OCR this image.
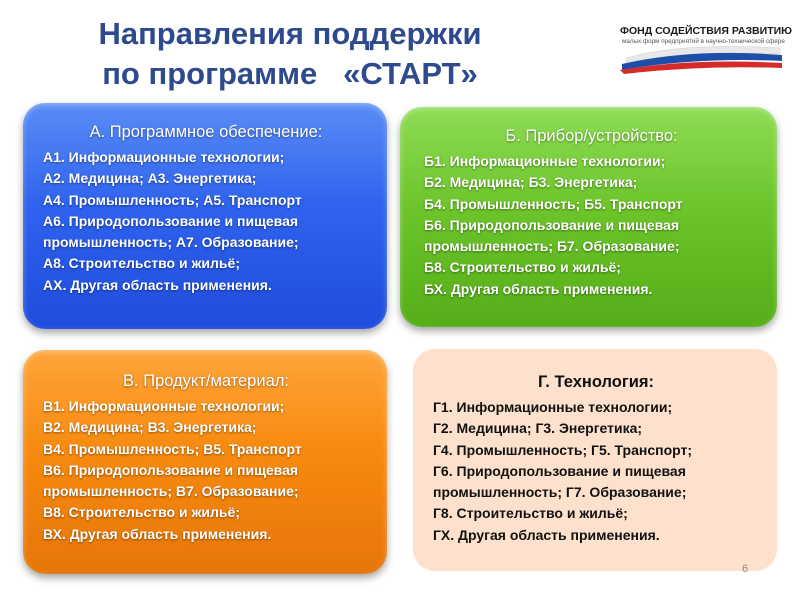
Направления поддержки
по программе   «СТАРТ»
ФОНД СОДЕЙСТВИЯ РАЗВИТИЮ
малых форм предприятий в научно-технической сфере
А. Программное обеспечение:
А1. Информационные технологии;
А2. Медицина; А3. Энергетика;
А4. Промышленность; А5. Транспорт
А6. Природопользование и пищевая
промышленность; А7. Образование;
А8. Строительство и жильё;
АХ. Другая область применения.
Б. Прибор/устройство:
Б1. Информационные технологии;
Б2. Медицина; Б3. Энергетика;
Б4. Промышленность; Б5. Транспорт
Б6. Природопользование и пищевая
промышленность; Б7. Образование;
Б8. Строительство и жильё;
БХ. Другая область применения.
В. Продукт/материал:
В1. Информационные технологии;
В2. Медицина; В3. Энергетика;
В4. Промышленность; В5. Транспорт
В6. Природопользование и пищевая
промышленность; В7. Образование;
В8. Строительство и жильё;
ВХ. Другая область применения.
Г. Технология:
Г1. Информационные технологии;
Г2. Медицина; Г3. Энергетика;
Г4. Промышленность; Г5. Транспорт;
Г6. Природопользование и пищевая
промышленность; Г7. Образование;
Г8. Строительство и жильё;
ГХ. Другая область применения.
6
